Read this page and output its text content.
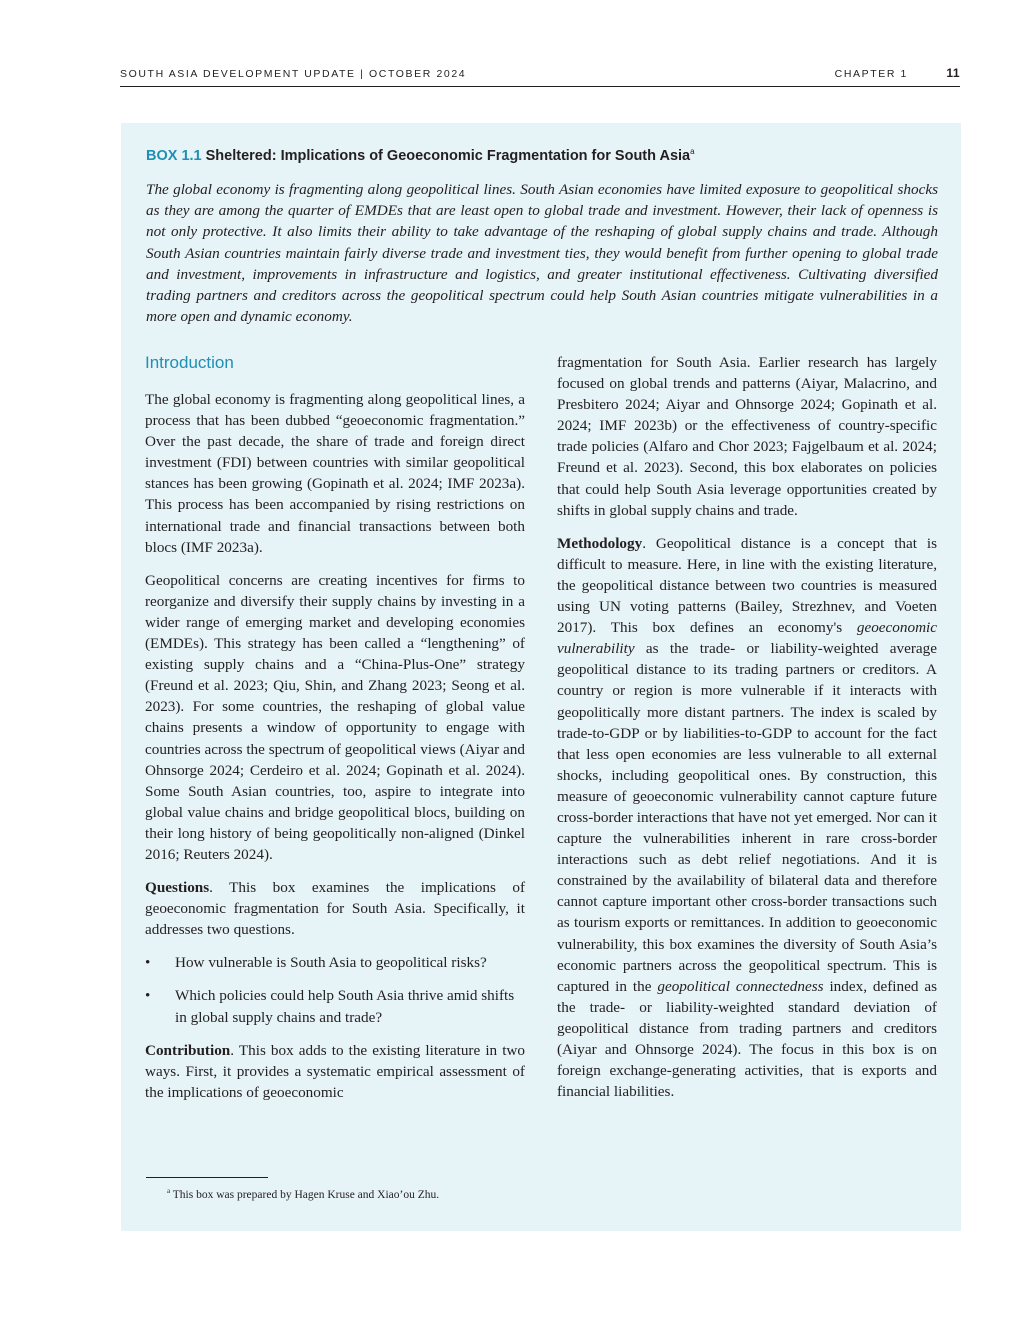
SOUTH ASIA DEVELOPMENT UPDATE | OCTOBER 2024	CHAPTER 1	11
BOX 1.1 Sheltered: Implications of Geoeconomic Fragmentation for South Asia$^a$

The global economy is fragmenting along geopolitical lines. South Asian economies have limited exposure to geopolitical shocks as they are among the quarter of EMDEs that are least open to global trade and investment. However, their lack of openness is not only protective. It also limits their ability to take advantage of the reshaping of global supply chains and trade. Although South Asian countries maintain fairly diverse trade and investment ties, they would benefit from further opening to global trade and investment, improvements in infrastructure and logistics, and greater institutional effectiveness. Cultivating diversified trading partners and creditors across the geopolitical spectrum could help South Asian countries mitigate vulnerabilities in a more open and dynamic economy.

Introduction

The global economy is fragmenting along geopolitical lines, a process that has been dubbed “geoeconomic fragmentation.” Over the past decade, the share of trade and foreign direct investment (FDI) between countries with similar geopolitical stances has been growing (Gopinath et al. 2024; IMF 2023a). This process has been accompanied by rising restrictions on international trade and financial transactions between both blocs (IMF 2023a).

Geopolitical concerns are creating incentives for firms to reorganize and diversify their supply chains by investing in a wider range of emerging market and developing economies (EMDEs). This strategy has been called a “lengthening” of existing supply chains and a “China-Plus-One” strategy (Freund et al. 2023; Qiu, Shin, and Zhang 2023; Seong et al. 2023). For some countries, the reshaping of global value chains presents a window of opportunity to engage with countries across the spectrum of geopolitical views (Aiyar and Ohnsorge 2024; Cerdeiro et al. 2024; Gopinath et al. 2024). Some South Asian countries, too, aspire to integrate into global value chains and bridge geopolitical blocs, building on their long history of being geopolitically non-aligned (Dinkel 2016; Reuters 2024).

Questions. This box examines the implications of geoeconomic fragmentation for South Asia. Specifically, it addresses two questions.

• How vulnerable is South Asia to geopolitical risks?
• Which policies could help South Asia thrive amid shifts in global supply chains and trade?

Contribution. This box adds to the existing literature in two ways. First, it provides a systematic empirical assessment of the implications of geoeconomic

fragmentation for South Asia. Earlier research has largely focused on global trends and patterns (Aiyar, Malacrino, and Presbitero 2024; Aiyar and Ohnsorge 2024; Gopinath et al. 2024; IMF 2023b) or the effectiveness of country-specific trade policies (Alfaro and Chor 2023; Fajgelbaum et al. 2024; Freund et al. 2023). Second, this box elaborates on policies that could help South Asia leverage opportunities created by shifts in global supply chains and trade.

Methodology. Geopolitical distance is a concept that is difficult to measure. Here, in line with the existing literature, the geopolitical distance between two countries is measured using UN voting patterns (Bailey, Strezhnev, and Voeten 2017). This box defines an economy's geoeconomic vulnerability as the trade- or liability-weighted average geopolitical distance to its trading partners or creditors. A country or region is more vulnerable if it interacts with geopolitically more distant partners. The index is scaled by trade-to-GDP or by liabilities-to-GDP to account for the fact that less open economies are less vulnerable to all external shocks, including geopolitical ones. By construction, this measure of geoeconomic vulnerability cannot capture future cross-border interactions that have not yet emerged. Nor can it capture the vulnerabilities inherent in rare cross-border interactions such as debt relief negotiations. And it is constrained by the availability of bilateral data and therefore cannot capture important other cross-border transactions such as tourism exports or remittances. In addition to geoeconomic vulnerability, this box examines the diversity of South Asia’s economic partners across the geopolitical spectrum. This is captured in the geopolitical connectedness index, defined as the trade- or liability-weighted standard deviation of geopolitical distance from trading partners and creditors (Aiyar and Ohnsorge 2024). The focus in this box is on foreign exchange-generating activities, that is exports and financial liabilities.

$^a$ This box was prepared by Hagen Kruse and Xiao’ou Zhu.
